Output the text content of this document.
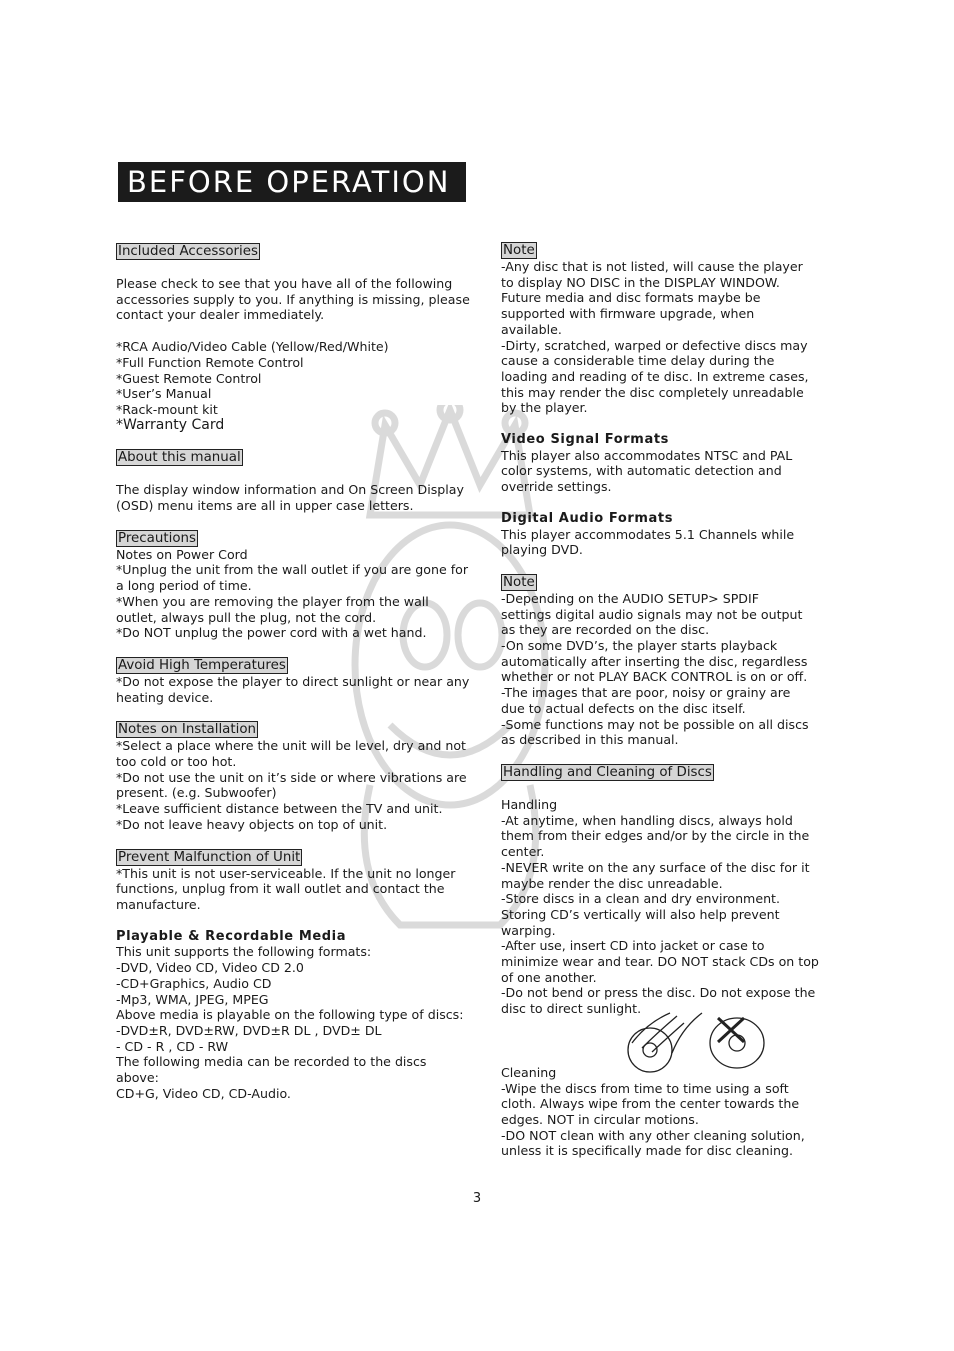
BEFORE OPERATION
Included Accessories
Please check to see that you have all of the following
accessories supply to you. If anything is missing, please
contact your dealer immediately.
*RCA Audio/Video Cable (Yellow/Red/White)
*Full Function Remote Control
*Guest Remote Control
*User’s Manual
*Rack-mount kit
*Warranty Card
About this manual
The display window information and On Screen Display
(OSD) menu items are all in upper case letters.
Precautions
Notes on Power Cord
*Unplug the unit from the wall outlet if you are gone for
a long period of time.
*When you are removing the player from the wall
outlet, always pull the plug, not the cord.
*Do NOT unplug the power cord with a wet hand.
Avoid High Temperatures
*Do not expose the player to direct sunlight or near any
heating device.
Notes on Installation
*Select a place where the unit will be level, dry and not
too cold or too hot.
*Do not use the unit on it’s side or where vibrations are
present. (e.g. Subwoofer)
*Leave sufficient distance between the TV and unit.
*Do not leave heavy objects on top of unit.
Prevent Malfunction of Unit
*This unit is not user-serviceable. If the unit no longer
functions, unplug from it wall outlet and contact the
manufacture.
Playable & Recordable Media
This unit supports the following formats:
-DVD, Video CD, Video CD 2.0
-CD+Graphics, Audio CD
-Mp3, WMA, JPEG, MPEG
Above media is playable on the following type of discs:
-DVD±R, DVD±RW, DVD±R DL , DVD± DL
- CD - R , CD - RW
The following media can be recorded to the discs
above:
CD+G, Video CD, CD-Audio.
Note
-Any disc that is not listed, will cause the player
to display NO DISC in the DISPLAY WINDOW.
Future media and disc formats maybe be
supported with firmware upgrade, when
available.
-Dirty, scratched, warped or defective discs may
cause a considerable time delay during the
loading and reading of te disc. In extreme cases,
this may render the disc completely unreadable
by the player.
Video Signal Formats
This player also accommodates NTSC and PAL
color systems, with automatic detection and
override settings.
Digital Audio Formats
This player accommodates 5.1 Channels while
playing DVD.
Note
-Depending on the AUDIO SETUP> SPDIF
settings digital audio signals may not be output
as they are recorded on the disc.
-On some DVD’s, the player starts playback
automatically after inserting the disc, regardless
whether or not PLAY BACK CONTROL is on or off.
-The images that are poor, noisy or grainy are
due to actual defects on the disc itself.
-Some functions may not be possible on all discs
as described in this manual.
Handling and Cleaning of Discs
Handling
-At anytime, when handling discs, always hold
them from their edges and/or by the circle in the
center.
-NEVER write on the any surface of the disc for it
maybe render the disc unreadable.
-Store discs in a clean and dry environment.
Storing CD’s vertically will also help prevent
warping.
-After use, insert CD into jacket or case to
minimize wear and tear. DO NOT stack CDs on top
of one another.
-Do not bend or press the disc. Do not expose the
disc to direct sunlight.
Cleaning
-Wipe the discs from time to time using a soft
cloth. Always wipe from the center towards the
edges. NOT in circular motions.
-DO NOT clean with any other cleaning solution,
unless it is specifically made for disc cleaning.
3
